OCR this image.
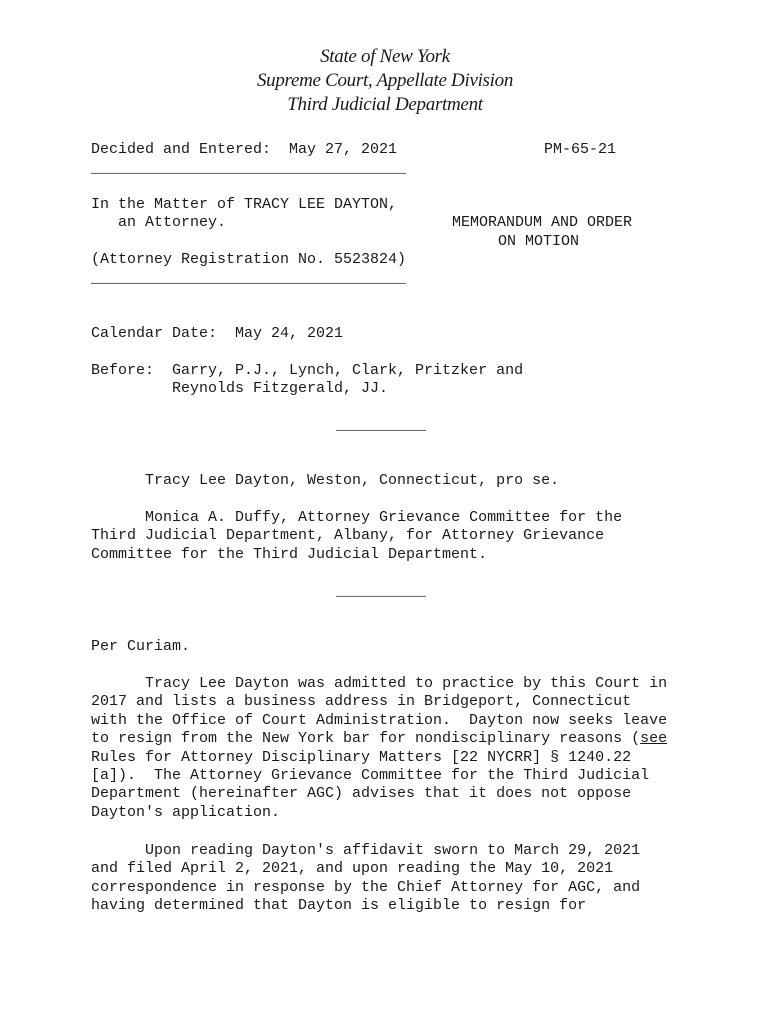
State of New York
Supreme Court, Appellate Division
Third Judicial Department
Decided and Entered:  May 27, 2021	PM-65-21
___________________________________
In the Matter of TRACY LEE DAYTON,
an Attorney.
(Attorney Registration No. 5523824)
MEMORANDUM AND ORDER
ON MOTION
___________________________________
Calendar Date:  May 24, 2021
Before:  Garry, P.J., Lynch, Clark, Pritzker and
Reynolds Fitzgerald, JJ.
__________
Tracy Lee Dayton, Weston, Connecticut, pro se.
Monica A. Duffy, Attorney Grievance Committee for the
Third Judicial Department, Albany, for Attorney Grievance
Committee for the Third Judicial Department.
__________
Per Curiam.
Tracy Lee Dayton was admitted to practice by this Court in
2017 and lists a business address in Bridgeport, Connecticut
with the Office of Court Administration.  Dayton now seeks leave
to resign from the New York bar for nondisciplinary reasons (see
Rules for Attorney Disciplinary Matters [22 NYCRR] § 1240.22
[a]).  The Attorney Grievance Committee for the Third Judicial
Department (hereinafter AGC) advises that it does not oppose
Dayton's application.
Upon reading Dayton's affidavit sworn to March 29, 2021
and filed April 2, 2021, and upon reading the May 10, 2021
correspondence in response by the Chief Attorney for AGC, and
having determined that Dayton is eligible to resign for
